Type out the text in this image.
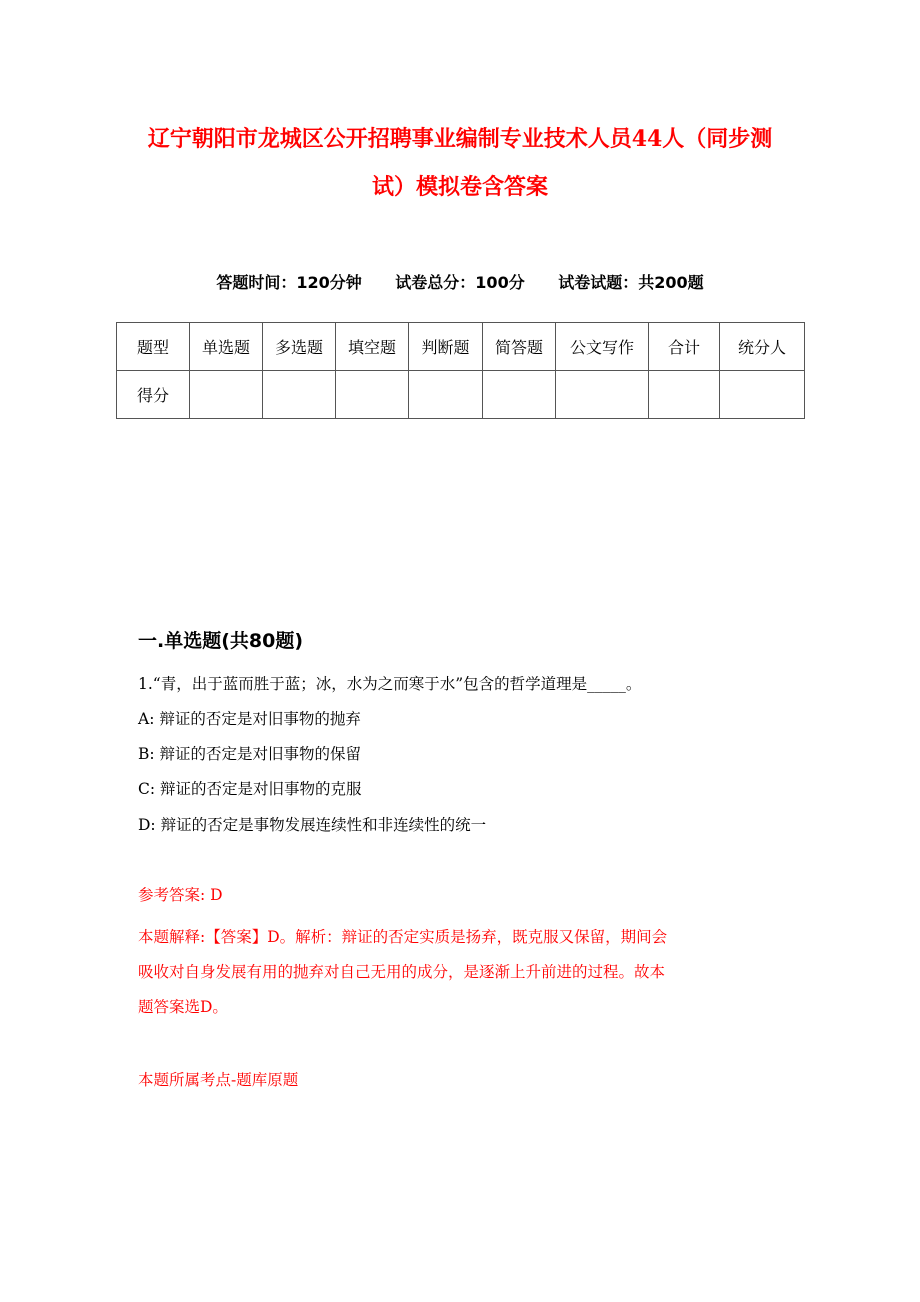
辽宁朝阳市龙城区公开招聘事业编制专业技术人员44人（同步测
试）模拟卷含答案
答题时间：120分钟 试卷总分：100分 试卷试题：共200题
题型	单选题	多选题	填空题	判断题	简答题	公文写作	合计	统分人
得分								
一.单选题(共80题)
1.“青，出于蓝而胜于蓝；冰，水为之而寒于水”包含的哲学道理是_____。
A: 辩证的否定是对旧事物的抛弃
B: 辩证的否定是对旧事物的保留
C: 辩证的否定是对旧事物的克服
D: 辩证的否定是事物发展连续性和非连续性的统一
参考答案: D
本题解释:【答案】D。解析：辩证的否定实质是扬弃，既克服又保留，期间会
吸收对自身发展有用的抛弃对自己无用的成分，是逐渐上升前进的过程。故本
题答案选D。
本题所属考点-题库原题
